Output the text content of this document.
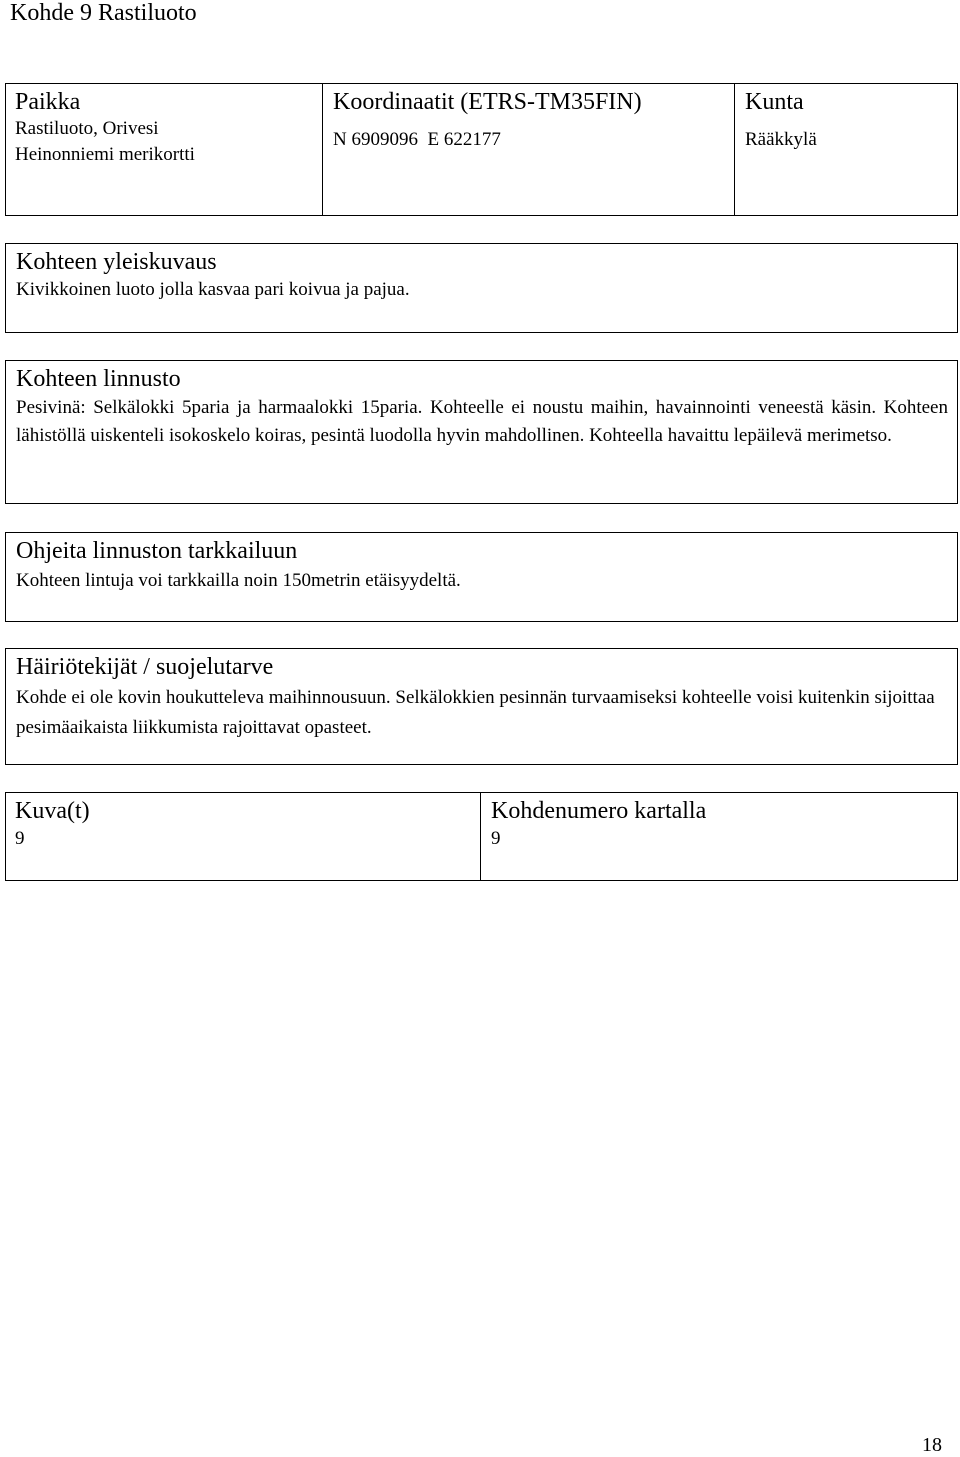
Kohde 9 Rastiluoto
Paikka
Rastiluoto, Orivesi
Heinonniemi merikortti
Koordinaatit (ETRS-TM35FIN)
N 6909096  E 622177
Kunta
Rääkkylä
Kohteen yleiskuvaus
Kivikkoinen luoto jolla kasvaa pari koivua ja pajua.
Kohteen linnusto
Pesivinä: Selkälokki 5paria ja harmaalokki 15paria. Kohteelle ei noustu maihin, havainnointi veneestä käsin. Kohteen lähistöllä uiskenteli isokoskelo koiras, pesintä luodolla hyvin mahdollinen. Kohteella havaittu lepäilevä merimetso.
Ohjeita linnuston tarkkailuun
Kohteen lintuja voi tarkkailla noin 150metrin etäisyydeltä.
Häiriötekijät / suojelutarve
Kohde ei ole kovin houkutteleva maihinnousuun. Selkälokkien pesinnän turvaamiseksi kohteelle voisi kuitenkin sijoittaa pesimäaikaista liikkumista rajoittavat opasteet.
Kuva(t)
9
Kohdenumero kartalla
9
18
